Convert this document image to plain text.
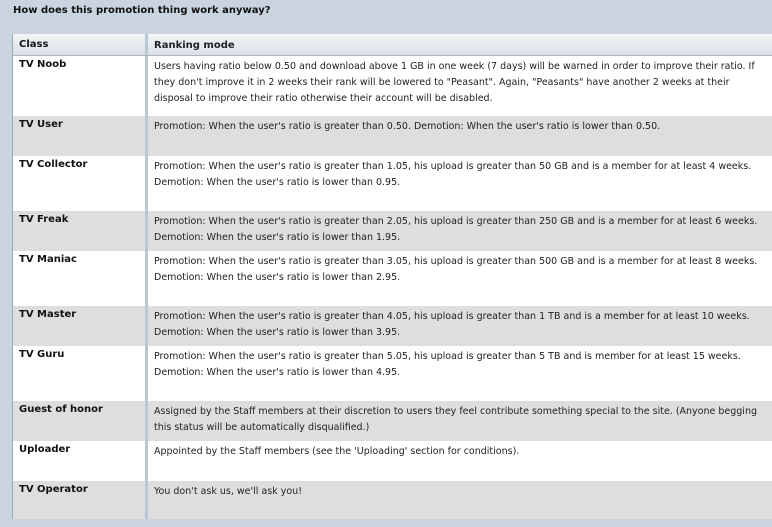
How does this promotion thing work anyway?
Class	Ranking mode
TV Noob	Users having ratio below 0.50 and download above 1 GB in one week (7 days) will be warned in order to improve their ratio. If they don't improve it in 2 weeks their rank will be lowered to "Peasant". Again, "Peasants" have another 2 weeks at their disposal to improve their ratio otherwise their account will be disabled.
TV User	Promotion: When the user's ratio is greater than 0.50. Demotion: When the user's ratio is lower than 0.50.
TV Collector	Promotion: When the user's ratio is greater than 1.05, his upload is greater than 50 GB and is a member for at least 4 weeks. Demotion: When the user's ratio is lower than 0.95.
TV Freak	Promotion: When the user's ratio is greater than 2.05, his upload is greater than 250 GB and is a member for at least 6 weeks. Demotion: When the user's ratio is lower than 1.95.
TV Maniac	Promotion: When the user's ratio is greater than 3.05, his upload is greater than 500 GB and is a member for at least 8 weeks. Demotion: When the user's ratio is lower than 2.95.
TV Master	Promotion: When the user's ratio is greater than 4.05, his upload is greater than 1 TB and is a member for at least 10 weeks. Demotion: When the user's ratio is lower than 3.95.
TV Guru	Promotion: When the user's ratio is greater than 5.05, his upload is greater than 5 TB and is member for at least 15 weeks. Demotion: When the user's ratio is lower than 4.95.
Guest of honor	Assigned by the Staff members at their discretion to users they feel contribute something special to the site. (Anyone begging this status will be automatically disqualified.)
Uploader	Appointed by the Staff members (see the 'Uploading' section for conditions).
TV Operator	You don't ask us, we'll ask you!
